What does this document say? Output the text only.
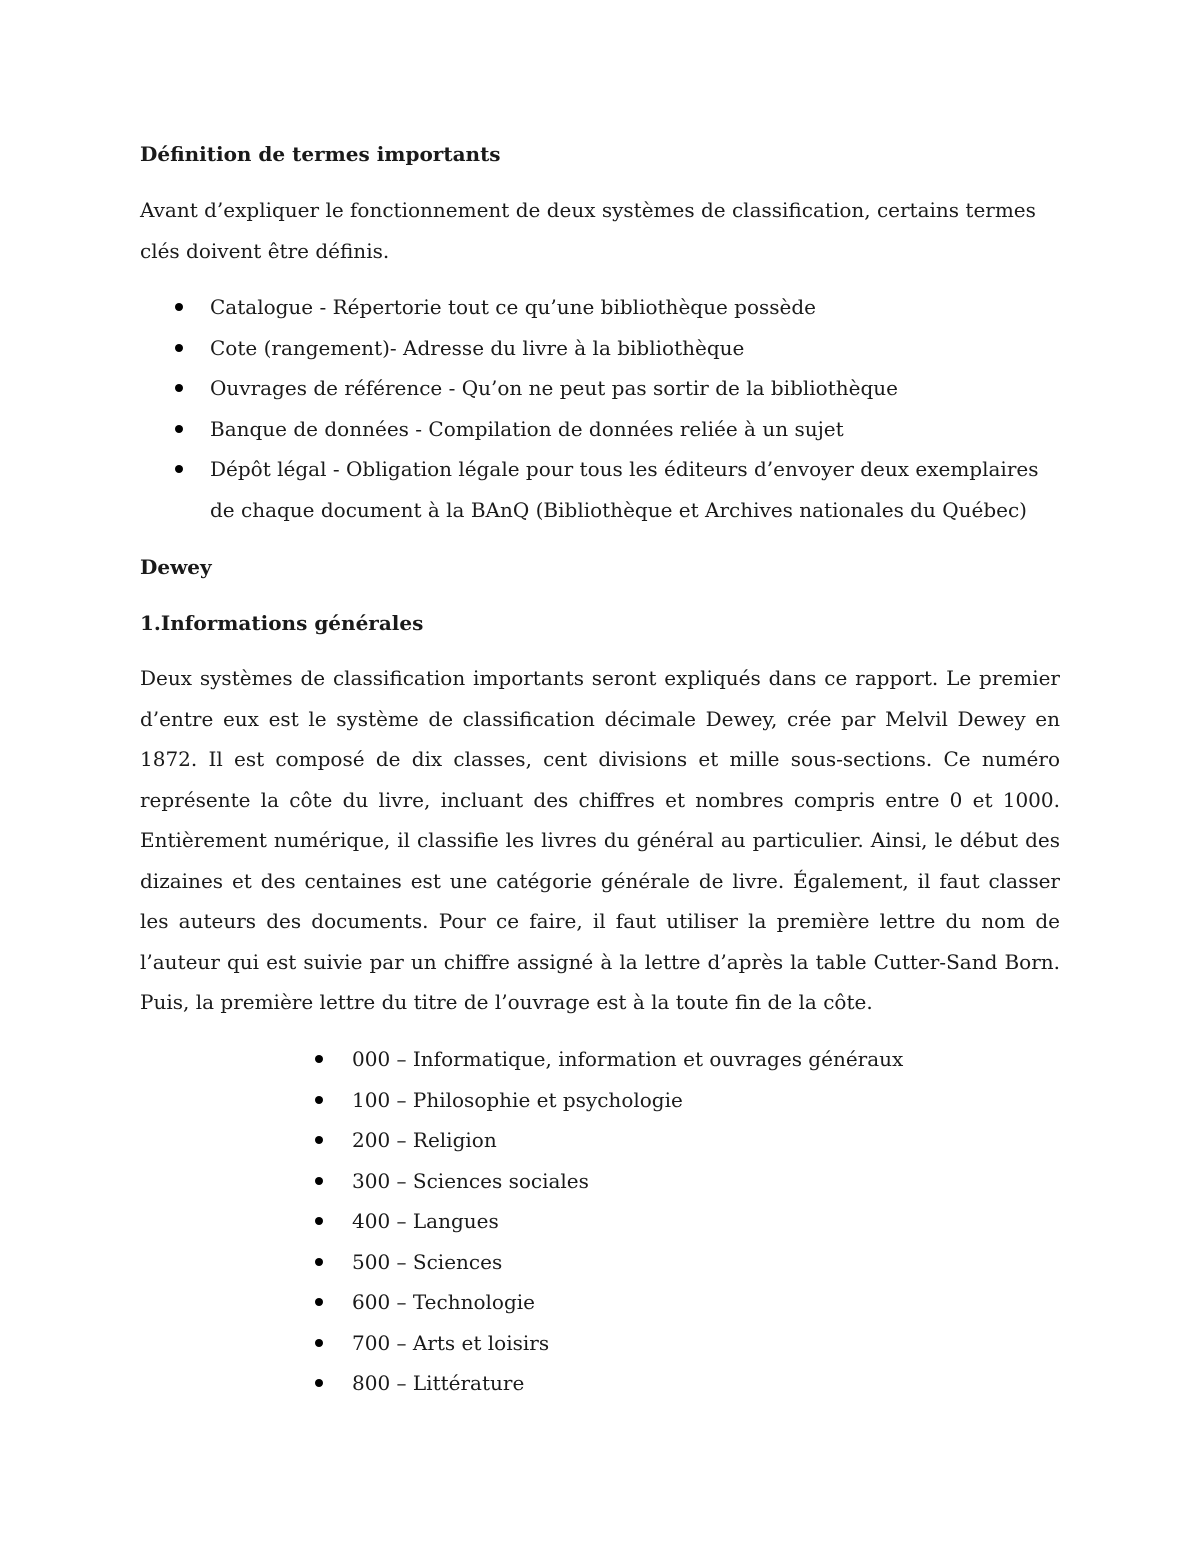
Définition de termes importants

Avant d’expliquer le fonctionnement de deux systèmes de classification, certains termes clés doivent être définis.

Catalogue - Répertorie tout ce qu’une bibliothèque possède
Cote (rangement)- Adresse du livre à la bibliothèque
Ouvrages de référence - Qu’on ne peut pas sortir de la bibliothèque
Banque de données - Compilation de données reliée à un sujet
Dépôt légal - Obligation légale pour tous les éditeurs d’envoyer deux exemplaires de chaque document à la BAnQ (Bibliothèque et Archives nationales du Québec)
Dewey
1.Informations générales

Deux systèmes de classification importants seront expliqués dans ce rapport. Le premier d’entre eux est le système de classification décimale Dewey, crée par Melvil Dewey en 1872. Il est composé de dix classes, cent divisions et mille sous-sections. Ce numéro représente la côte du livre, incluant des chiffres et nombres compris entre 0 et 1000. Entièrement numérique, il classifie les livres du général au particulier. Ainsi, le début des dizaines et des centaines est une catégorie générale de livre. Également, il faut classer les auteurs des documents. Pour ce faire, il faut utiliser la première lettre du nom de l’auteur qui est suivie par un chiffre assigné à la lettre d’après la table Cutter-Sand Born. Puis, la première lettre du titre de l’ouvrage est à la toute fin de la côte.

000 – Informatique, information et ouvrages généraux
100 – Philosophie et psychologie
200 – Religion
300 – Sciences sociales
400 – Langues
500 – Sciences
600 – Technologie
700 – Arts et loisirs
800 – Littérature
